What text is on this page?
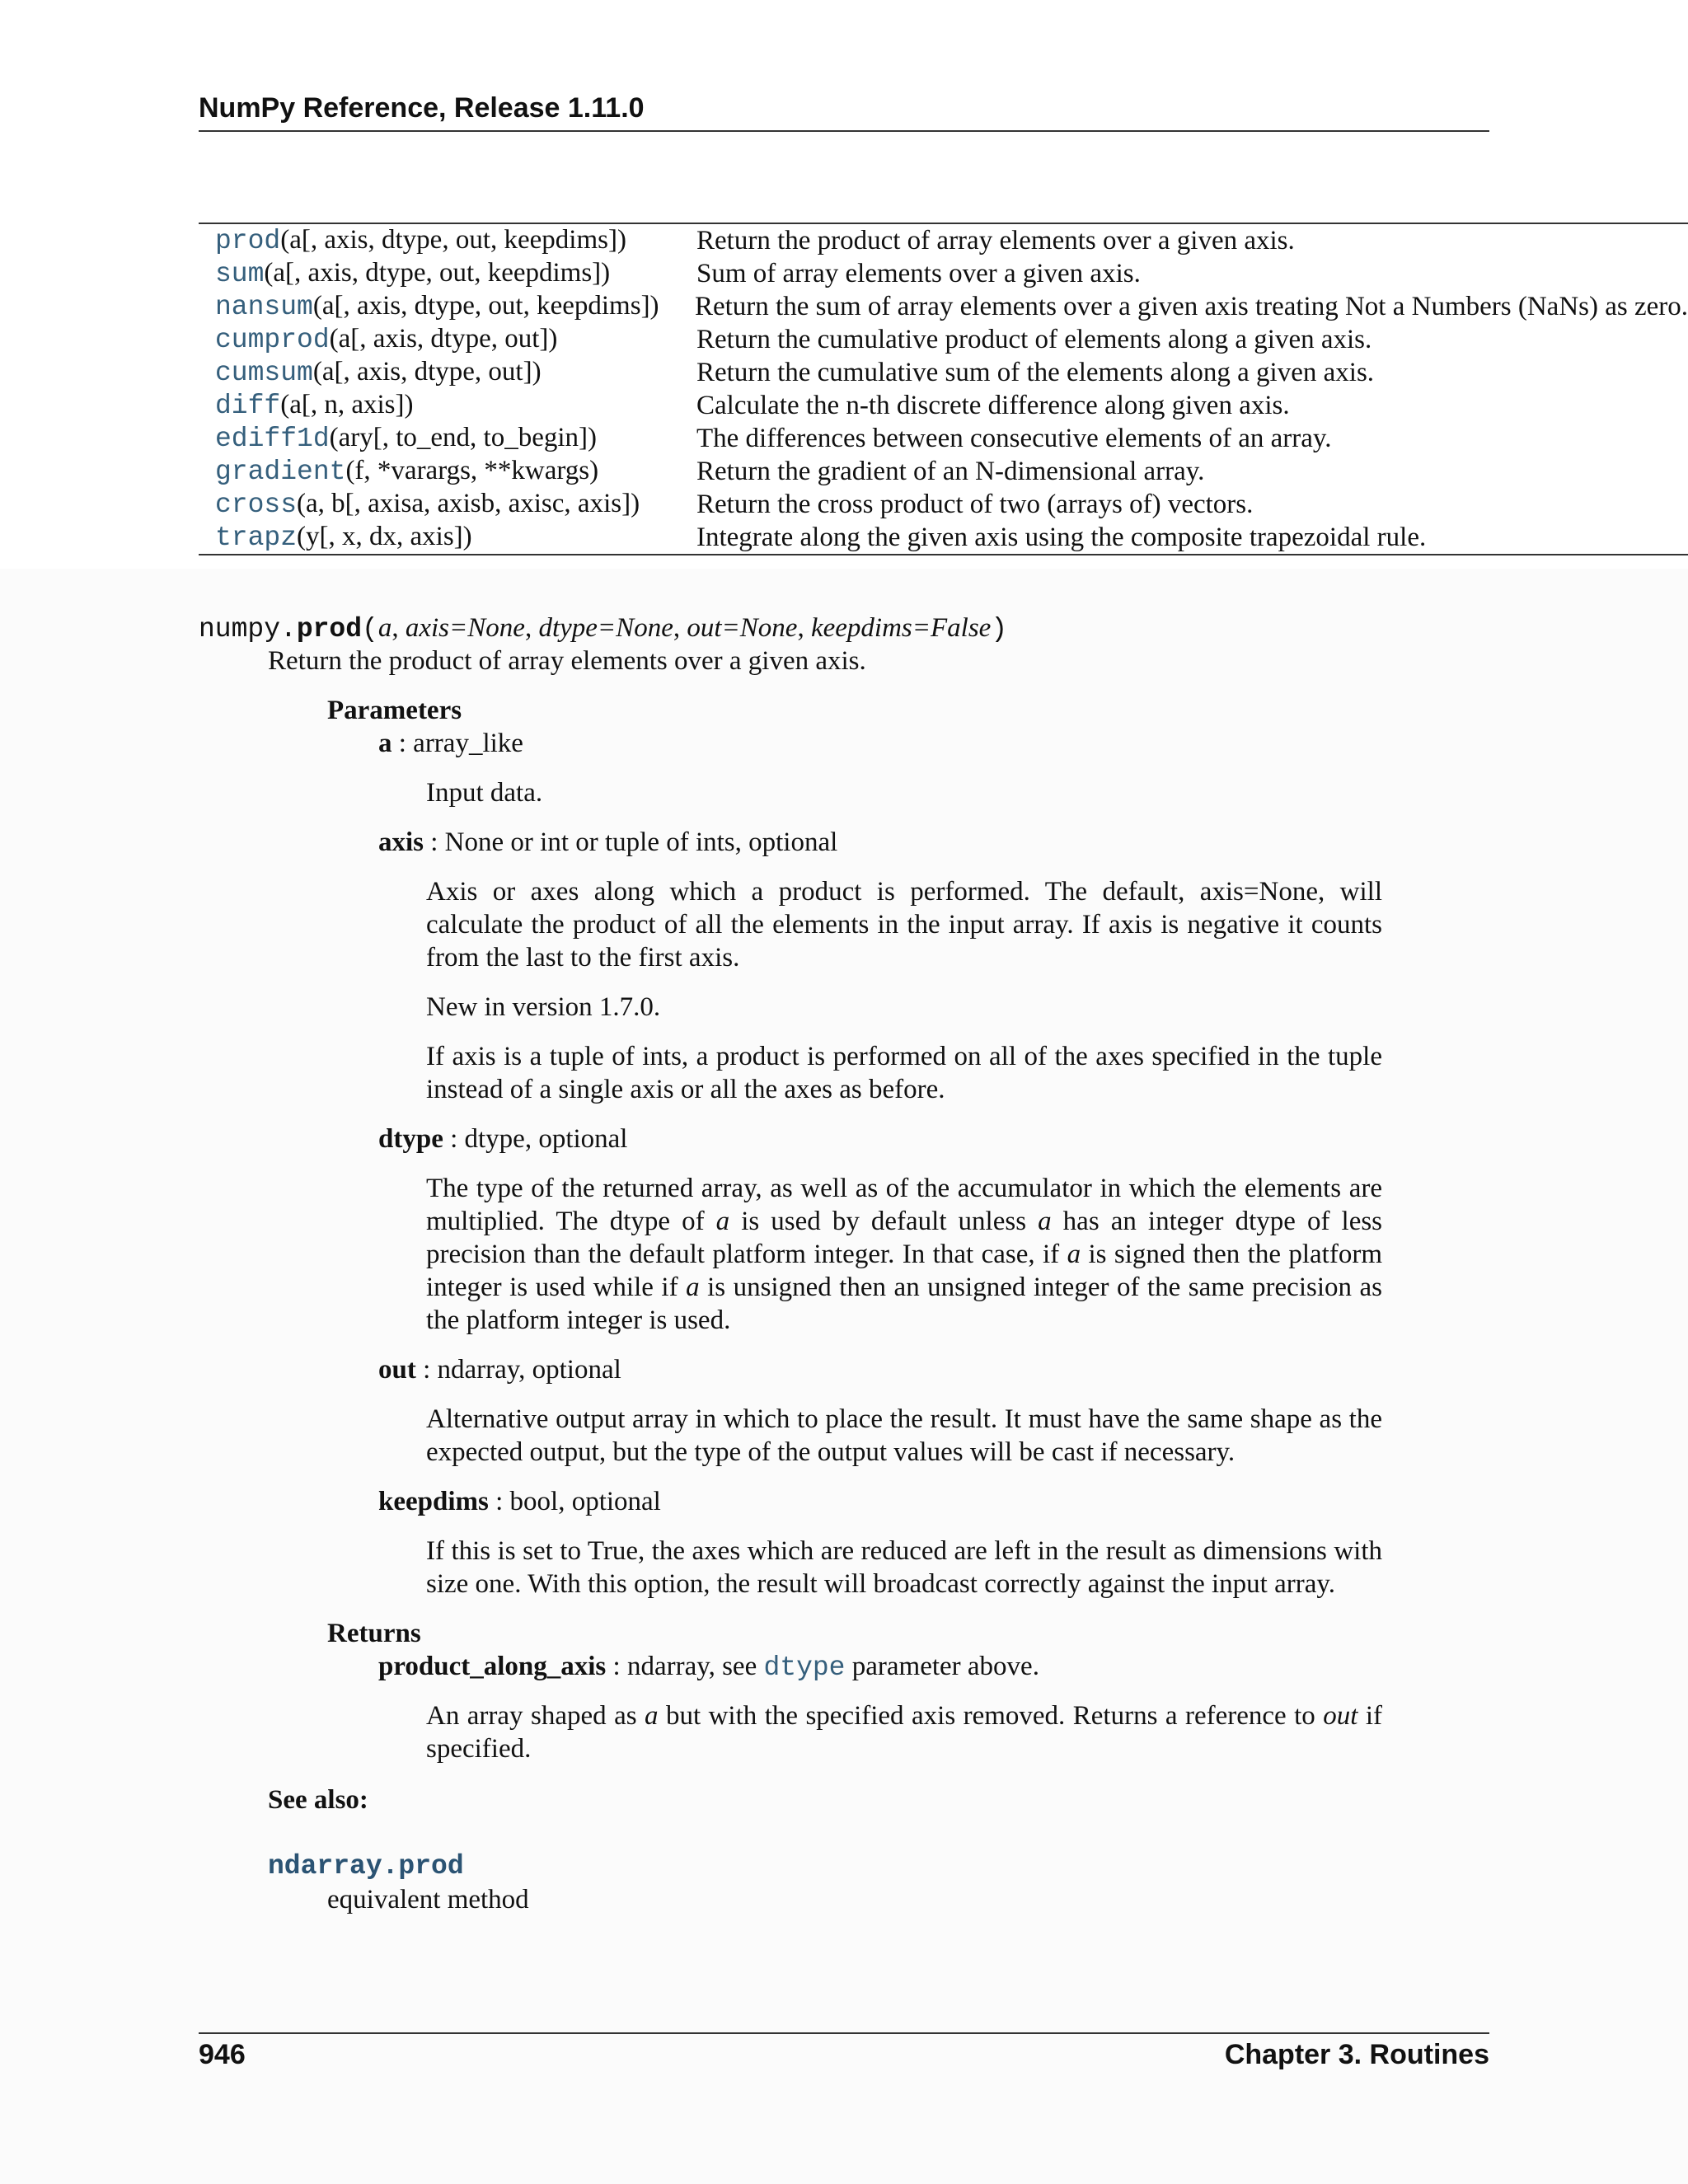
NumPy Reference, Release 1.11.0
prod(a[, axis, dtype, out, keepdims])	Return the product of array elements over a given axis.
sum(a[, axis, dtype, out, keepdims])	Sum of array elements over a given axis.
nansum(a[, axis, dtype, out, keepdims])	Return the sum of array elements over a given axis treating Not a Numbers (NaNs) as zero.
cumprod(a[, axis, dtype, out])	Return the cumulative product of elements along a given axis.
cumsum(a[, axis, dtype, out])	Return the cumulative sum of the elements along a given axis.
diff(a[, n, axis])	Calculate the n-th discrete difference along given axis.
ediff1d(ary[, to_end, to_begin])	The differences between consecutive elements of an array.
gradient(f, *varargs, **kwargs)	Return the gradient of an N-dimensional array.
cross(a, b[, axisa, axisb, axisc, axis])	Return the cross product of two (arrays of) vectors.
trapz(y[, x, dx, axis])	Integrate along the given axis using the composite trapezoidal rule.
numpy.prod(a, axis=None, dtype=None, out=None, keepdims=False)
Return the product of array elements over a given axis.
Parameters
a : array_like
Input data.
axis : None or int or tuple of ints, optional
Axis or axes along which a product is performed. The default, axis=None, will calculate the product of all the elements in the input array. If axis is negative it counts from the last to the first axis.
New in version 1.7.0.
If axis is a tuple of ints, a product is performed on all of the axes specified in the tuple instead of a single axis or all the axes as before.
dtype : dtype, optional
The type of the returned array, as well as of the accumulator in which the elements are multiplied. The dtype of a is used by default unless a has an integer dtype of less precision than the default platform integer. In that case, if a is signed then the platform integer is used while if a is unsigned then an unsigned integer of the same precision as the platform integer is used.
out : ndarray, optional
Alternative output array in which to place the result. It must have the same shape as the expected output, but the type of the output values will be cast if necessary.
keepdims : bool, optional
If this is set to True, the axes which are reduced are left in the result as dimensions with size one. With this option, the result will broadcast correctly against the input array.
Returns
product_along_axis : ndarray, see dtype parameter above.
An array shaped as a but with the specified axis removed. Returns a reference to out if specified.
See also:
ndarray.prod
equivalent method
946	Chapter 3. Routines
